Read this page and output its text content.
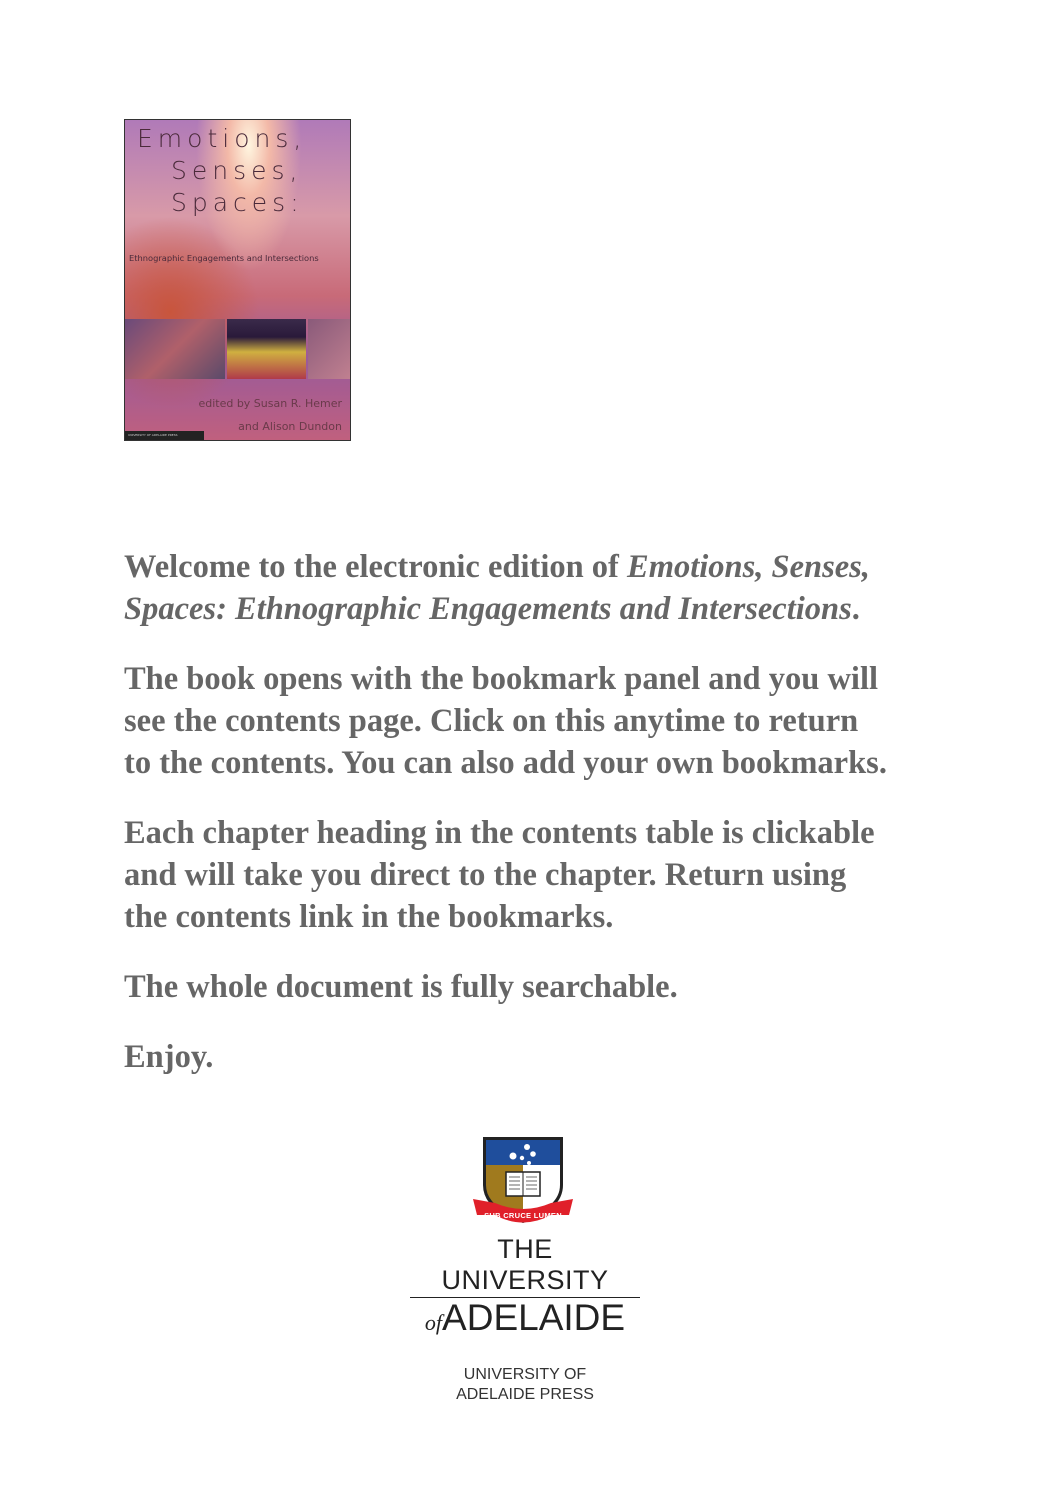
Emotions,
Senses,
Spaces:
Ethnographic Engagements and Intersections
edited by Susan R. Hemer
and Alison Dundon
UNIVERSITY OF ADELAIDE PRESS

Welcome to the electronic edition of Emotions, Senses,
Spaces: Ethnographic Engagements and Intersections.

The book opens with the bookmark panel and you will
see the contents page. Click on this anytime to return
to the contents. You can also add your own bookmarks.

Each chapter heading in the contents table is clickable
and will take you direct to the chapter. Return using
the contents link in the bookmarks.

The whole document is fully searchable.

Enjoy.

SUB CRUCE LUMEN
THE UNIVERSITY
ofADELAIDE
UNIVERSITY OF
ADELAIDE PRESS
